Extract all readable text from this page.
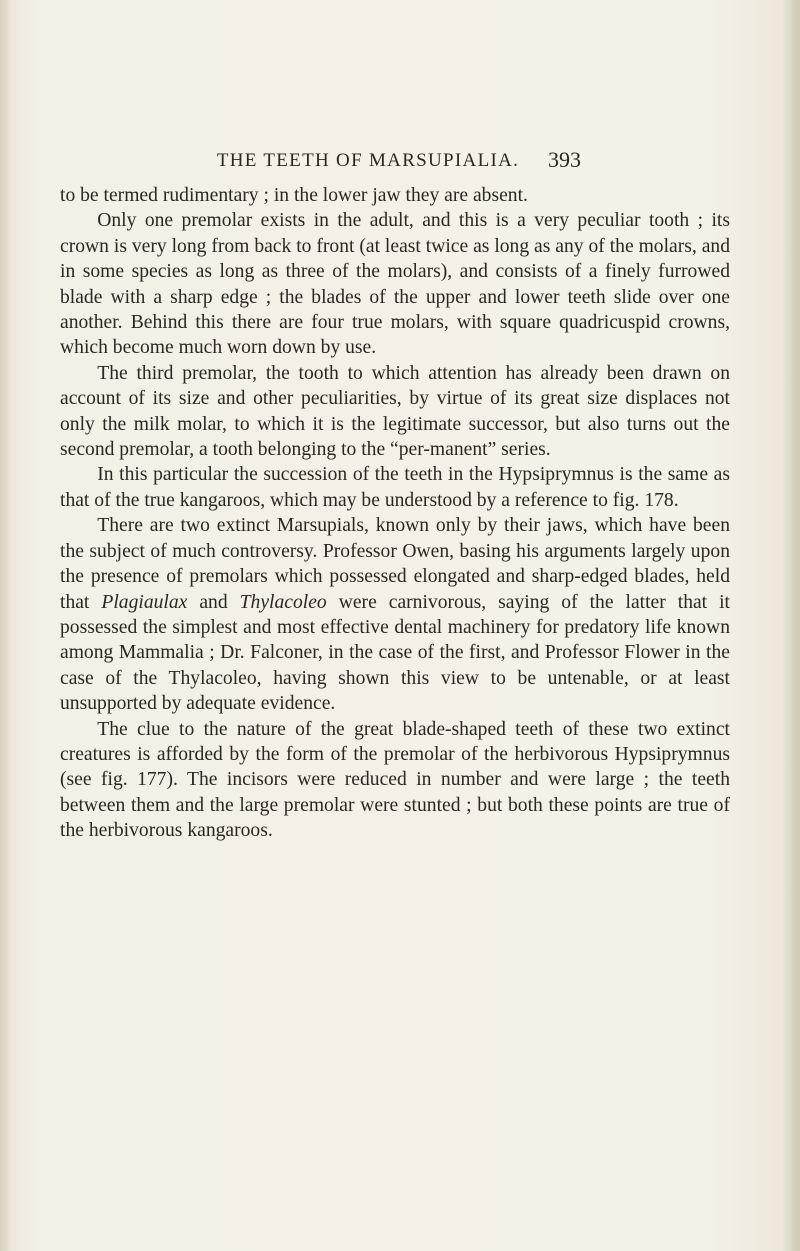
THE TEETH OF MARSUPIALIA.	393

to be termed rudimentary ; in the lower jaw they are absent.

Only one premolar exists in the adult, and this is a very peculiar tooth ; its crown is very long from back to front (at least twice as long as any of the molars, and in some species as long as three of the molars), and consists of a finely furrowed blade with a sharp edge ; the blades of the upper and lower teeth slide over one another. Behind this there are four true molars, with square quadricuspid crowns, which become much worn down by use.

The third premolar, the tooth to which attention has already been drawn on account of its size and other peculiarities, by virtue of its great size displaces not only the milk molar, to which it is the legitimate successor, but also turns out the second premolar, a tooth belonging to the “per-manent” series.

In this particular the succession of the teeth in the Hypsiprymnus is the same as that of the true kangaroos, which may be understood by a reference to fig. 178.

There are two extinct Marsupials, known only by their jaws, which have been the subject of much controversy. Professor Owen, basing his arguments largely upon the presence of premolars which possessed elongated and sharp-edged blades, held that Plagiaulax and Thylacoleo were carnivorous, saying of the latter that it possessed the simplest and most effective dental machinery for predatory life known among Mammalia ; Dr. Falconer, in the case of the first, and Professor Flower in the case of the Thylacoleo, having shown this view to be untenable, or at least unsupported by adequate evidence.

The clue to the nature of the great blade-shaped teeth of these two extinct creatures is afforded by the form of the premolar of the herbivorous Hypsiprymnus (see fig. 177). The incisors were reduced in number and were large ; the teeth between them and the large premolar were stunted ; but both these points are true of the herbivorous kangaroos.
